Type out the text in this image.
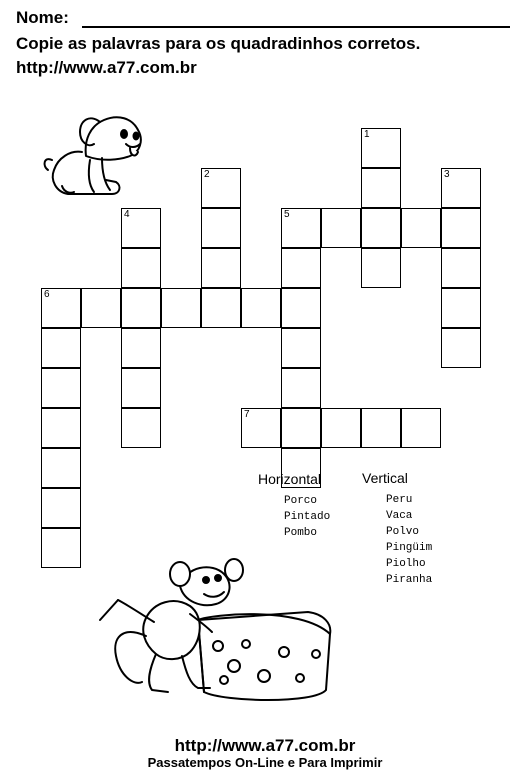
Nome:
Copie as palavras para os quadradinhos corretos.
http://www.a77.com.br
1
2	3
4	5
6
7
Horizontal
Porco
Pintado
Pombo
Vertical
Peru
Vaca
Polvo
Pingüim
Piolho
Piranha
http://www.a77.com.br
Passatempos On-Line e Para Imprimir
